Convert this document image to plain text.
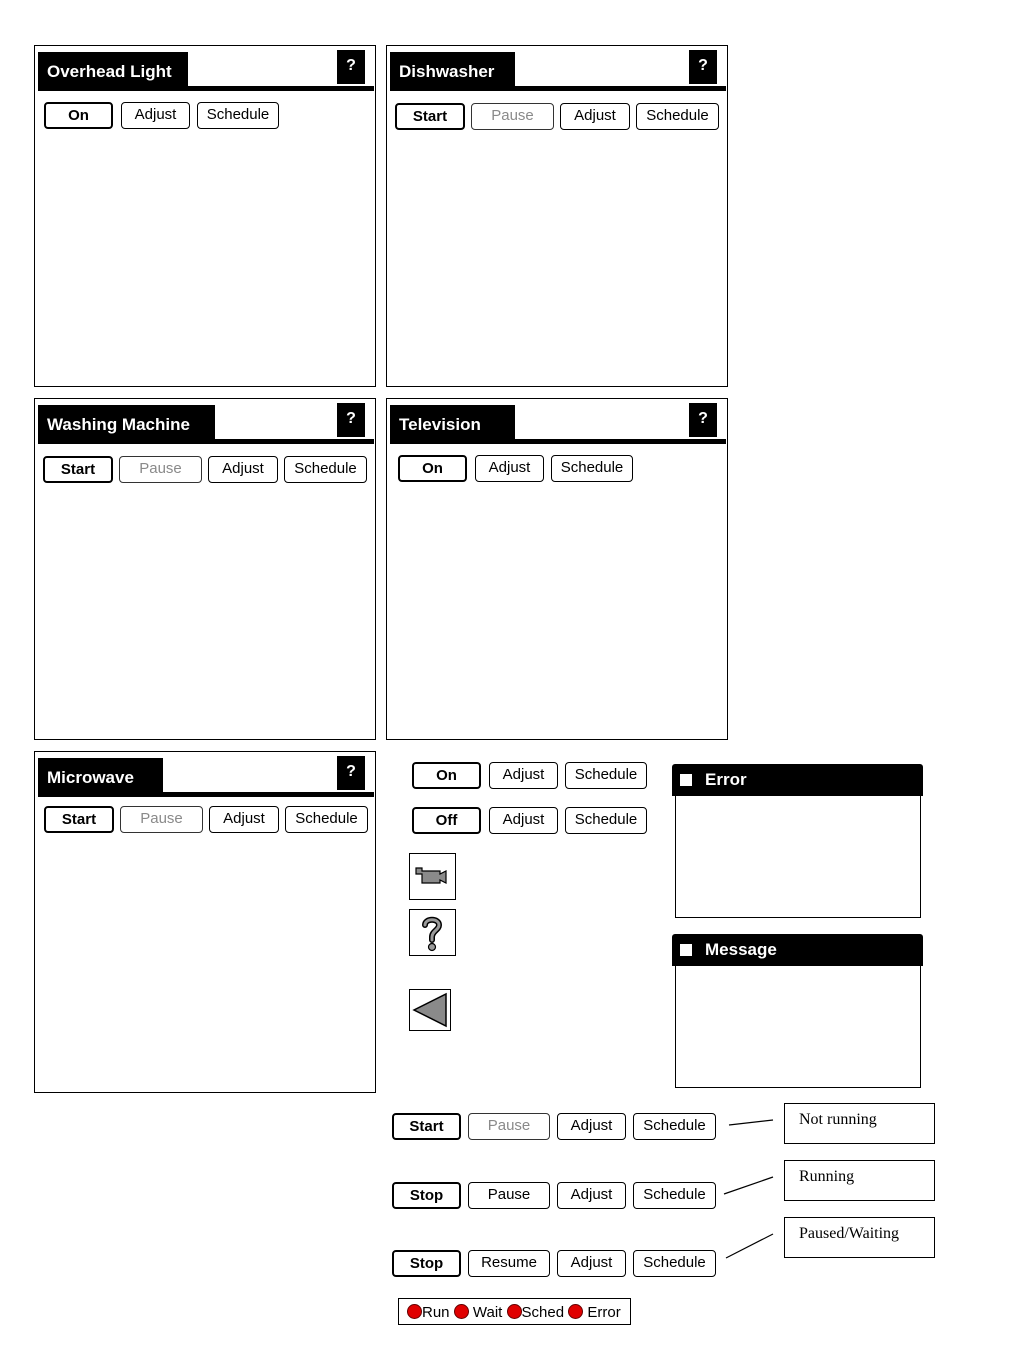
Overhead Light	?
On	Adjust	Schedule
Dishwasher	?
Start	Pause	Adjust	Schedule
Washing Machine	?
Start	Pause	Adjust	Schedule
Television	?
On	Adjust	Schedule
Microwave	?
Start	Pause	Adjust	Schedule
On	Adjust	Schedule
Off	Adjust	Schedule
Error
Message
Start	Pause	Adjust	Schedule	Not running
Stop	Pause	Adjust	Schedule
Running
Stop	Resume	Adjust	Schedule
Paused/Waiting
Run Wait Sched Error
